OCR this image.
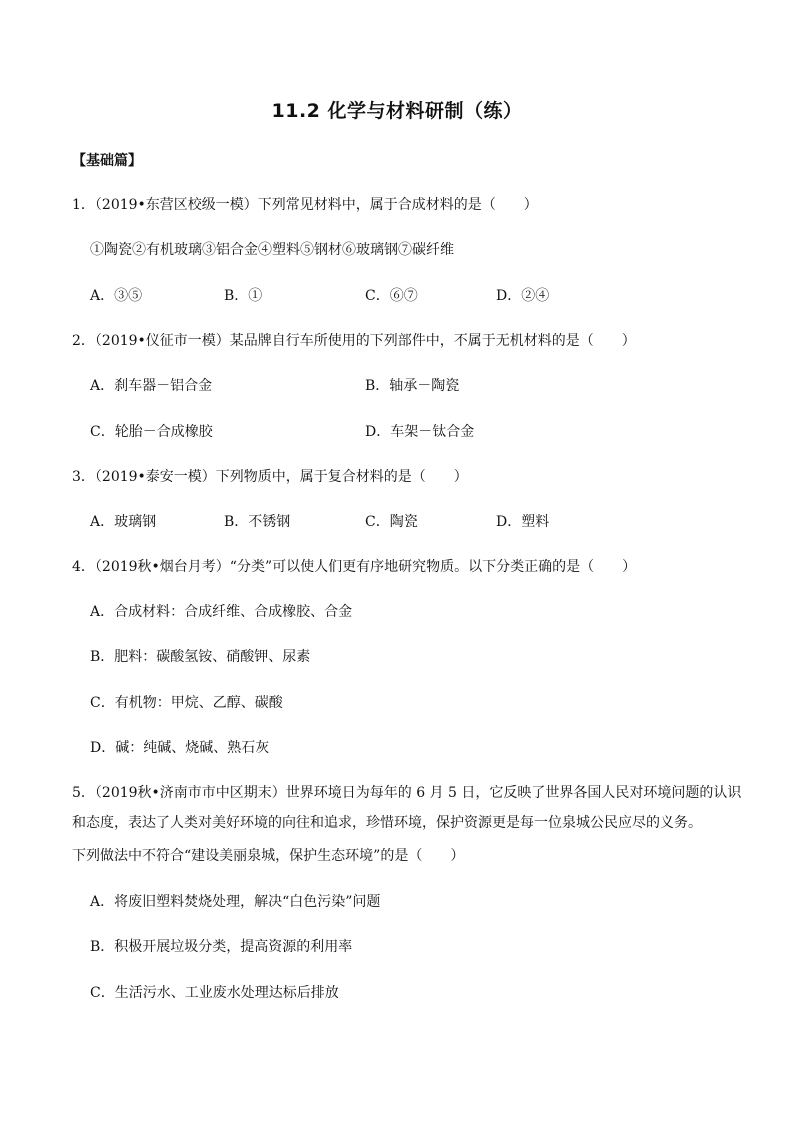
11.2 化学与材料研制（练）
【基础篇】
1．（2019•东营区校级一模）下列常见材料中，属于合成材料的是（　　）
①陶瓷②有机玻璃③铝合金④塑料⑤钢材⑥玻璃钢⑦碳纤维
A．③⑤	B．①	C．⑥⑦	D．②④
2．（2019•仪征市一模）某品牌自行车所使用的下列部件中，不属于无机材料的是（　　）
A．刹车器－铝合金	B．轴承－陶瓷
C．轮胎－合成橡胶	D．车架－钛合金
3．（2019•泰安一模）下列物质中，属于复合材料的是（　　）
A．玻璃钢	B．不锈钢	C．陶瓷	D．塑料
4．（2019秋•烟台月考）“分类”可以使人们更有序地研究物质。以下分类正确的是（　　）
A．合成材料：合成纤维、合成橡胶、合金
B．肥料：碳酸氢铵、硝酸钾、尿素
C．有机物：甲烷、乙醇、碳酸
D．碱：纯碱、烧碱、熟石灰
5．（2019秋•济南市市中区期末）世界环境日为每年的 6 月 5 日，它反映了世界各国人民对环境问题的认识
和态度，表达了人类对美好环境的向往和追求，珍惜环境，保护资源更是每一位泉城公民应尽的义务。
下列做法中不符合“建设美丽泉城，保护生态环境”的是（　　）
A．将废旧塑料焚烧处理，解决“白色污染”问题
B．积极开展垃圾分类，提高资源的利用率
C．生活污水、工业废水处理达标后排放
